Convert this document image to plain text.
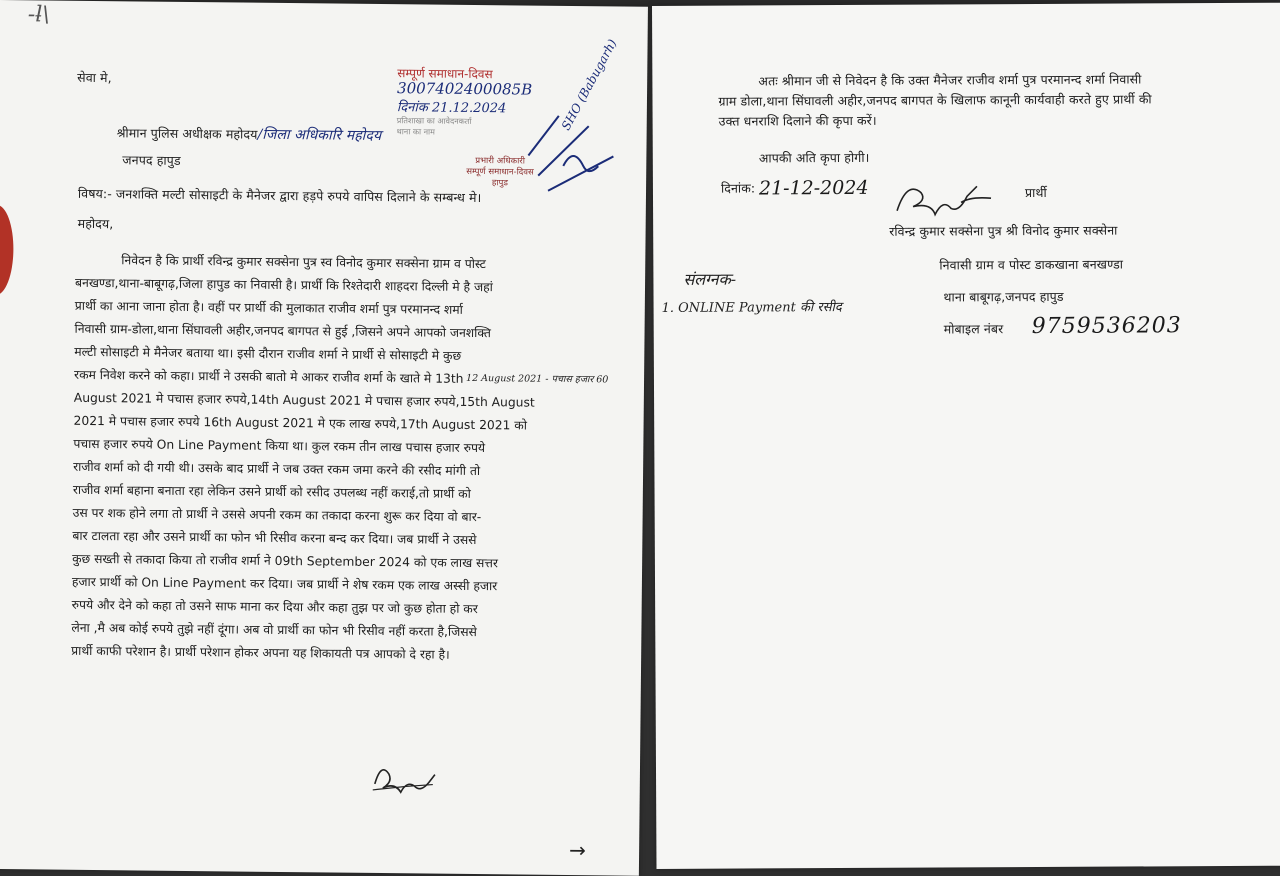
-ƚ\
सेवा मे,	सम्पूर्ण समाधान-दिवस
3007402400085B
दिनांक 21.12.2024
प्रतिशाखा का आवेदनकर्ता
थाना का नाम	SHO (Babugarh)
प्रभारी अधिकारी
सम्पूर्ण समाधान-दिवस
हापुड
श्रीमान पुलिस अधीक्षक महोदय/जिला अधिकारि महोदय
जनपद हापुड
विषय:- जनशक्ति मल्टी सोसाइटी के मैनेजर द्वारा हड़पे रुपये वापिस दिलाने के सम्बन्ध मे।
महोदय,
निवेदन है कि प्रार्थी रविन्द्र कुमार सक्सेना पुत्र स्व विनोद कुमार सक्सेना ग्राम व पोस्ट
बनखण्डा,थाना-बाबूगढ़,जिला हापुड का निवासी है। प्रार्थी कि रिश्तेदारी शाहदरा दिल्ली मे है जहां
प्रार्थी का आना जाना होता है। वहीं पर प्रार्थी की मुलाकात राजीव शर्मा पुत्र परमानन्द शर्मा
निवासी ग्राम-डोला,थाना सिंघावली अहीर,जनपद बागपत से हुई ,जिसने अपने आपको जनशक्ति
मल्टी सोसाइटी मे मैनेजर बताया था। इसी दौरान राजीव शर्मा ने प्रार्थी से सोसाइटी मे कुछ
रकम निवेश करने को कहा। प्रार्थी ने उसकी बातो मे आकर राजीव शर्मा के खाते मे 13th
August 2021 मे पचास हजार रुपये,14th August 2021 मे पचास हजार रुपये,15th August
2021 मे पचास हजार रुपये 16th August 2021 मे एक लाख रुपये,17th August 2021 को
पचास हजार रुपये On Line Payment किया था। कुल रकम तीन लाख पचास हजार रुपये
राजीव शर्मा को दी गयी थी। उसके बाद प्रार्थी ने जब उक्त रकम जमा करने की रसीद मांगी तो
राजीव शर्मा बहाना बनाता रहा लेकिन उसने प्रार्थी को रसीद उपलब्ध नहीं कराई,तो प्रार्थी को
उस पर शक होने लगा तो प्रार्थी ने उससे अपनी रकम का तकादा करना शुरू कर दिया वो बार-
बार टालता रहा और उसने प्रार्थी का फोन भी रिसीव करना बन्द कर दिया। जब प्रार्थी ने उससे
कुछ सख्ती से तकादा किया तो राजीव शर्मा ने 09th September 2024 को एक लाख सत्तर
हजार प्रार्थी को On Line Payment कर दिया। जब प्रार्थी ने शेष रकम एक लाख अस्सी हजार
रुपये और देने को कहा तो उसने साफ माना कर दिया और कहा तुझ पर जो कुछ होता हो कर
लेना ,मै अब कोई रुपये तुझे नहीं दूंगा। अब वो प्रार्थी का फोन भी रिसीव नहीं करता है,जिससे
प्रार्थी काफी परेशान है। प्रार्थी परेशान होकर अपना यह शिकायती पत्र आपको दे रहा है।
12 August 2021 - पचास हजार 60
→
अतः श्रीमान जी से निवेदन है कि उक्त मैनेजर राजीव शर्मा पुत्र परमानन्द शर्मा निवासी
ग्राम डोला,थाना सिंघावली अहीर,जनपद बागपत के खिलाफ कानूनी कार्यवाही करते हुए प्रार्थी की
उक्त धनराशि दिलाने की कृपा करें।
आपकी अति कृपा होगी।
दिनांक: 21-12-2024	प्रार्थी
रविन्द्र कुमार सक्सेना पुत्र श्री विनोद कुमार सक्सेना
निवासी ग्राम व पोस्ट डाकखाना बनखण्डा
थाना बाबूगढ़,जनपद हापुड
मोबाइल नंबर 9759536203
संलग्नक-
1. ONLINE Payment की रसीद
